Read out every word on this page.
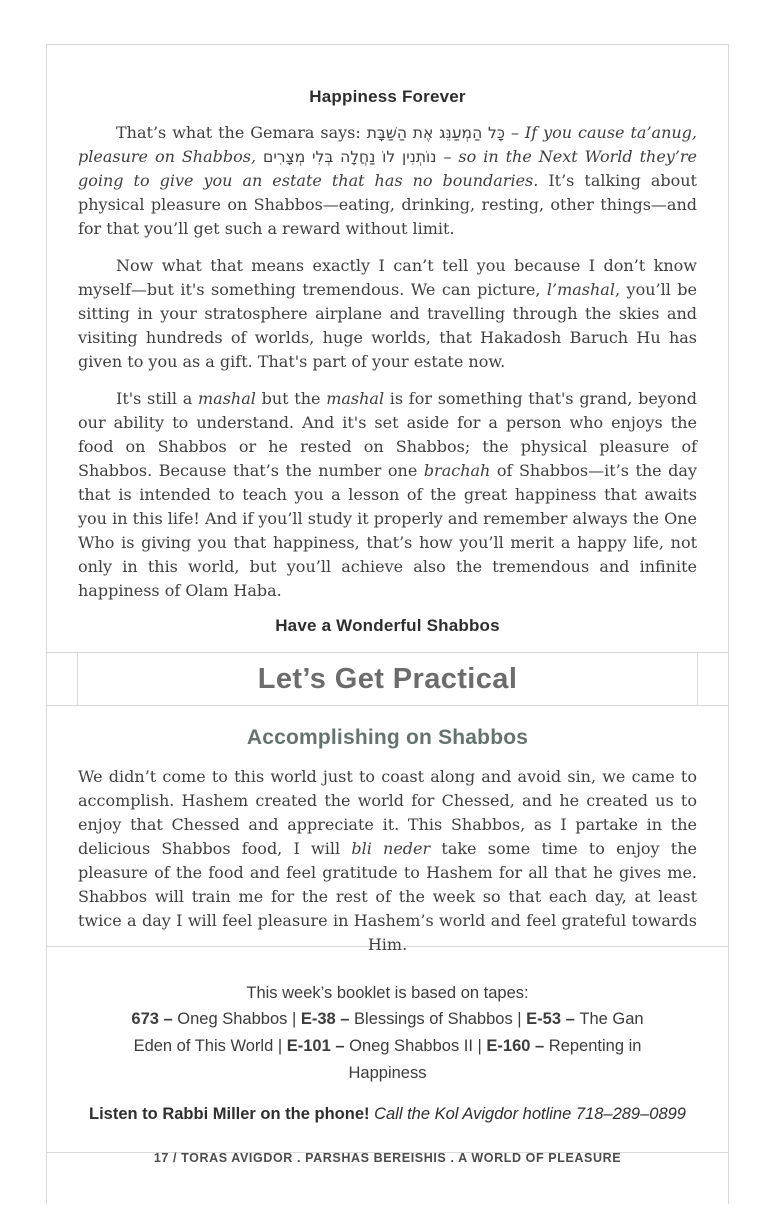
Happiness Forever

That’s what the Gemara says: כָּל הַמְעַנֵּג אֶת הַשַּׁבָּת – If you cause ta’anug, pleasure on Shabbos, נוֹתְנִין לוֹ נַחֲלָה בְּלִי מְצָרִים – so in the Next World they’re going to give you an estate that has no boundaries. It’s talking about physical pleasure on Shabbos—eating, drinking, resting, other things—and for that you’ll get such a reward without limit.

Now what that means exactly I can’t tell you because I don’t know myself—but it's something tremendous. We can picture, l’mashal, you’ll be sitting in your stratosphere airplane and travelling through the skies and visiting hundreds of worlds, huge worlds, that Hakadosh Baruch Hu has given to you as a gift. That's part of your estate now.

It's still a mashal but the mashal is for something that's grand, beyond our ability to understand. And it's set aside for a person who enjoys the food on Shabbos or he rested on Shabbos; the physical pleasure of Shabbos. Because that’s the number one brachah of Shabbos—it’s the day that is intended to teach you a lesson of the great happiness that awaits you in this life! And if you’ll study it properly and remember always the One Who is giving you that happiness, that’s how you’ll merit a happy life, not only in this world, but you’ll achieve also the tremendous and infinite happiness of Olam Haba.

Have a Wonderful Shabbos
Let’s Get Practical
Accomplishing on Shabbos

We didn’t come to this world just to coast along and avoid sin, we came to accomplish. Hashem created the world for Chessed, and he created us to enjoy that Chessed and appreciate it. This Shabbos, as I partake in the delicious Shabbos food, I will bli neder take some time to enjoy the pleasure of the food and feel gratitude to Hashem for all that he gives me. Shabbos will train me for the rest of the week so that each day, at least twice a day I will feel pleasure in Hashem’s world and feel grateful towards Him.

This week’s booklet is based on tapes:
673 – Oneg Shabbos | E-38 – Blessings of Shabbos | E-53 – The Gan Eden of This World | E-101 – Oneg Shabbos II | E-160 – Repenting in Happiness
Listen to Rabbi Miller on the phone! Call the Kol Avigdor hotline 718–289–0899
17 / TORAS AVIGDOR . PARSHAS BEREISHIS . A WORLD OF PLEASURE
